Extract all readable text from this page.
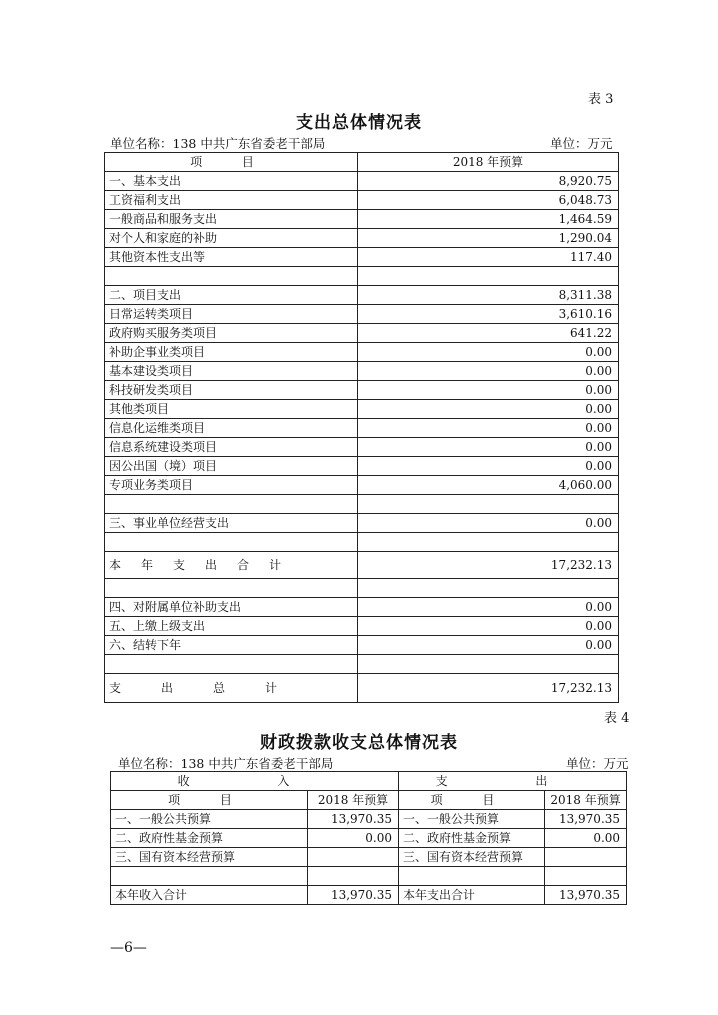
表 3
支出总体情况表
单位名称：138 中共广东省委老干部局	单位：万元
项 目	2018 年预算
一、基本支出	8,920.75
工资福利支出	6,048.73
一般商品和服务支出	1,464.59
对个人和家庭的补助	1,290.04
其他资本性支出等	117.40

二、项目支出	8,311.38
日常运转类项目	3,610.16
政府购买服务类项目	641.22
补助企事业类项目	0.00
基本建设类项目	0.00
科技研发类项目	0.00
其他类项目	0.00
信息化运维类项目	0.00
信息系统建设类项目	0.00
因公出国（境）项目	0.00
专项业务类项目	4,060.00

三、事业单位经营支出	0.00

本年支出合计	17,232.13

四、对附属单位补助支出	0.00
五、上缴上级支出	0.00
六、结转下年	0.00

支出总计	17,232.13
表 4
财政拨款收支总体情况表
单位名称：138 中共广东省委老干部局	单位：万元
收 入		支 出	
项 目	2018 年预算	项 目	2018 年预算
一、一般公共预算	13,970.35	一、一般公共预算	13,970.35
二、政府性基金预算	0.00	二、政府性基金预算	0.00
三、国有资本经营预算		三、国有资本经营预算	

本年收入合计	13,970.35	本年支出合计	13,970.35
—6—
